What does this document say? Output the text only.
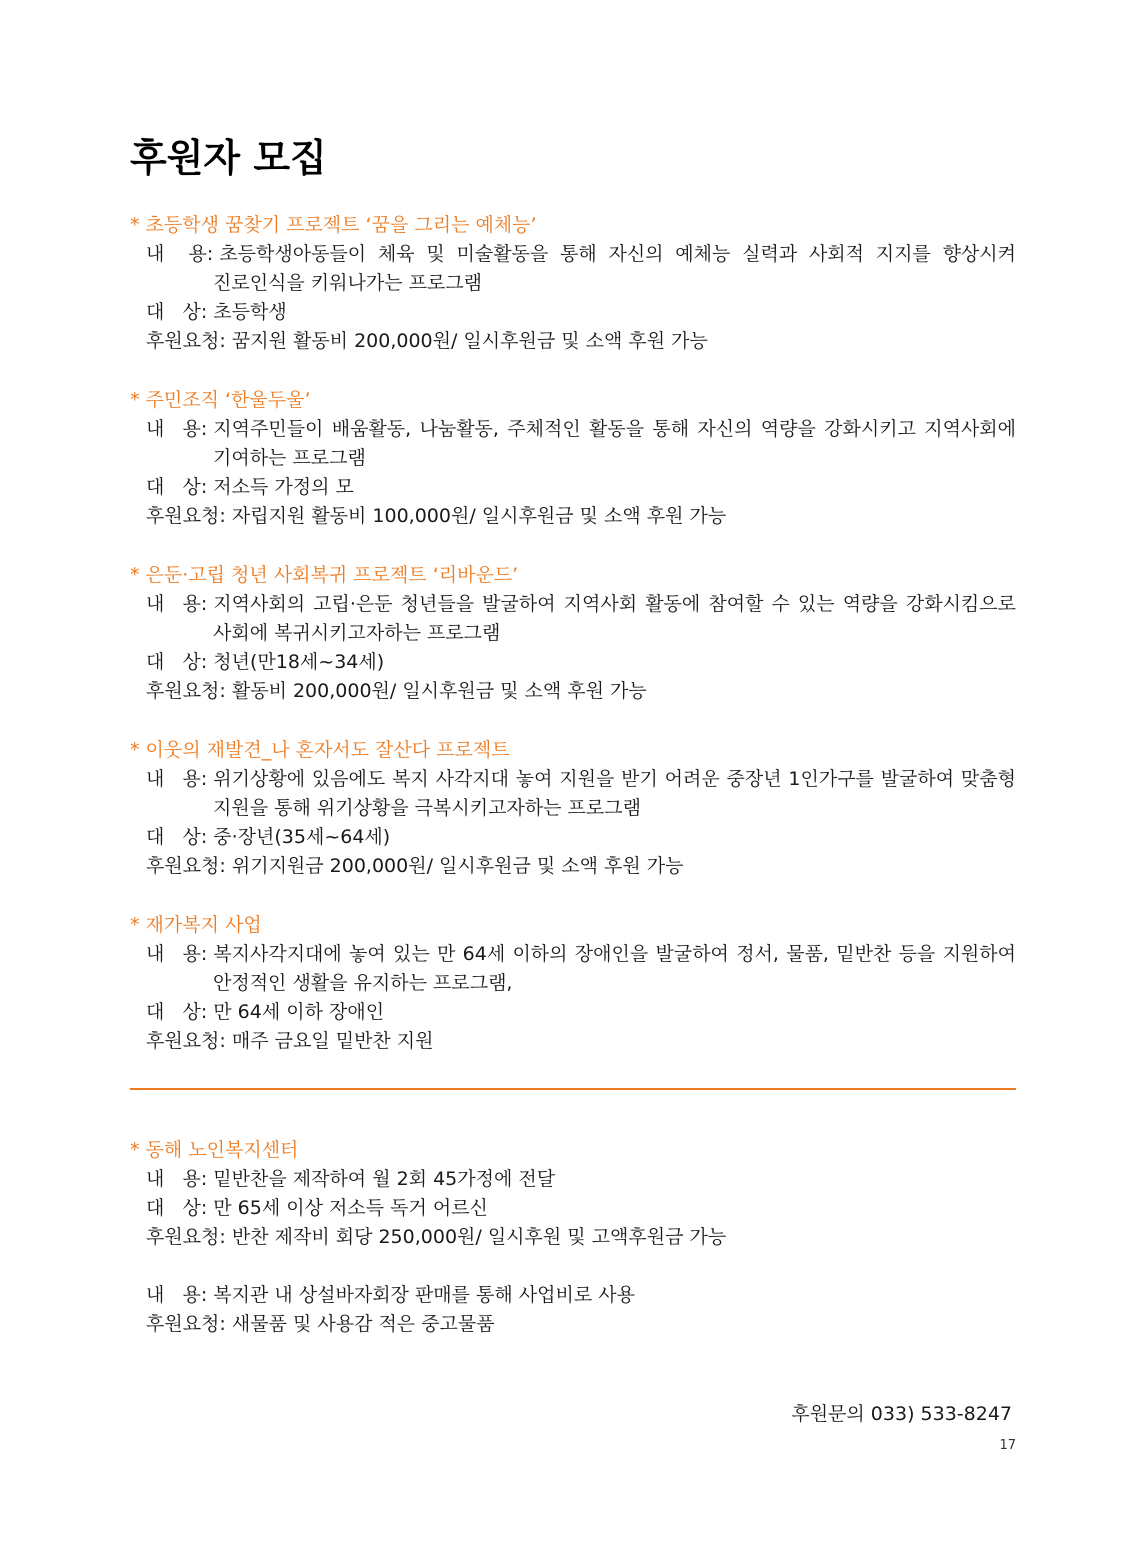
후원자 모집
* 초등학생 꿈찾기 프로젝트 ‘꿈을 그리는 예체능’
내    용: 초등학생아동들이 체육 및 미술활동을 통해 자신의 예체능 실력과 사회적 지지를 향상시켜
진로인식을 키워나가는 프로그램
대   상: 초등학생
후원요청: 꿈지원 활동비 200,000원/ 일시후원금 및 소액 후원 가능
* 주민조직 ‘한울두울’
내   용: 지역주민들이 배움활동, 나눔활동, 주체적인 활동을 통해 자신의 역량을 강화시키고 지역사회에
기여하는 프로그램
대   상: 저소득 가정의 모
후원요청: 자립지원 활동비 100,000원/ 일시후원금 및 소액 후원 가능
* 은둔·고립 청년 사회복귀 프로젝트 ‘리바운드’
내   용: 지역사회의 고립·은둔 청년들을 발굴하여 지역사회 활동에 참여할 수 있는 역량을 강화시킴으로
사회에 복귀시키고자하는 프로그램
대   상: 청년(만18세~34세)
후원요청: 활동비 200,000원/ 일시후원금 및 소액 후원 가능
* 이웃의 재발견_나 혼자서도 잘산다 프로젝트
내   용: 위기상황에 있음에도 복지 사각지대 놓여 지원을 받기 어려운 중장년 1인가구를 발굴하여 맞춤형
지원을 통해 위기상황을 극복시키고자하는 프로그램
대   상: 중·장년(35세~64세)
후원요청: 위기지원금 200,000원/ 일시후원금 및 소액 후원 가능
* 재가복지 사업
내   용: 복지사각지대에 놓여 있는 만 64세 이하의 장애인을 발굴하여 정서, 물품, 밑반찬 등을 지원하여
안정적인 생활을 유지하는 프로그램,
대   상: 만 64세 이하 장애인
후원요청: 매주 금요일 밑반찬 지원
* 동해 노인복지센터
내   용: 밑반찬을 제작하여 월 2회 45가정에 전달
대   상: 만 65세 이상 저소득 독거 어르신
후원요청: 반찬 제작비 회당 250,000원/ 일시후원 및 고액후원금 가능
내   용: 복지관 내 상설바자회장 판매를 통해 사업비로 사용
후원요청: 새물품 및 사용감 적은 중고물품
후원문의 033) 533-8247
17
